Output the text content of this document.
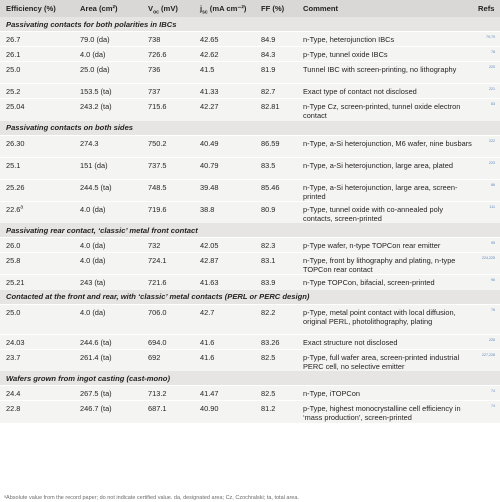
Efficiency (%)	Area (cm²)	$V_{oc}$ (mV)	$j_{sc}$ (mA cm⁻²)	FF (%)	Comment	Refs
Passivating contacts for both polarities in IBCs						
26.7	79.0 (da)	738	42.65	84.9	n-Type, heterojunction IBCs	79,79
26.1	4.0 (da)	726.6	42.62	84.3	p-Type, tunnel oxide IBCs	78
25.0	25.0 (da)	736	41.5	81.9	Tunnel IBC with screen-printing, no lithography	220
25.2	153.5 (ta)	737	41.33	82.7	Exact type of contact not disclosed	221
25.04	243.2 (ta)	715.6	42.27	82.81	n-Type Cz, screen-printed, tunnel oxide electron contact	83
Passivating contacts on both sides						
26.30	274.3	750.2	40.49	86.59	n-Type, a-Si heterojunction, M6 wafer, nine busbars	222
25.1	151 (da)	737.5	40.79	83.5	n-Type, a-Si heterojunction, large area, plated	223
25.26	244.5 (ta)	748.5	39.48	85.46	n-Type, a-Si heterojunction, large area, screen-printed	86
22.6$^a$	4.0 (da)	719.6	38.8	80.9	p-Type, tunnel oxide with co-annealed poly contacts, screen-printed	111
Passivating rear contact, ‘classic’ metal front contact						
26.0	4.0 (da)	732	42.05	82.3	p-Type wafer, n-type TOPCon rear emitter	95
25.8	4.0 (da)	724.1	42.87	83.1	n-Type, front by lithography and plating, n-type TOPCon rear contact	224,225
25.21	243 (ta)	721.6	41.63	83.9	n-Type TOPCon, bifacial, screen-printed	96
Contacted at the front and rear, with ‘classic’ metal contacts (PERL or PERC design)						
25.0	4.0 (da)	706.0	42.7	82.2	p-Type, metal point contact with local diffusion, original PERL, photolithography, plating	76
24.03	244.6 (ta)	694.0	41.6	83.26	Exact structure not disclosed	226
23.7	261.4 (ta)	692	41.6	82.5	p-Type, full wafer area, screen-printed industrial PERC cell, no selective emitter	227,228
Wafers grown from ingot casting (cast-mono)						
24.4	267.5 (ta)	713.2	41.47	82.5	n-Type, iTOPCon	74
22.8	246.7 (ta)	687.1	40.90	81.2	p-Type, highest monocrystalline cell efficiency in ‘mass production’, screen-printed	74
ᵃAbsolute value from the record paper; do not indicate certified value. da, designated area; Cz, Czochralski; ta, total area.
